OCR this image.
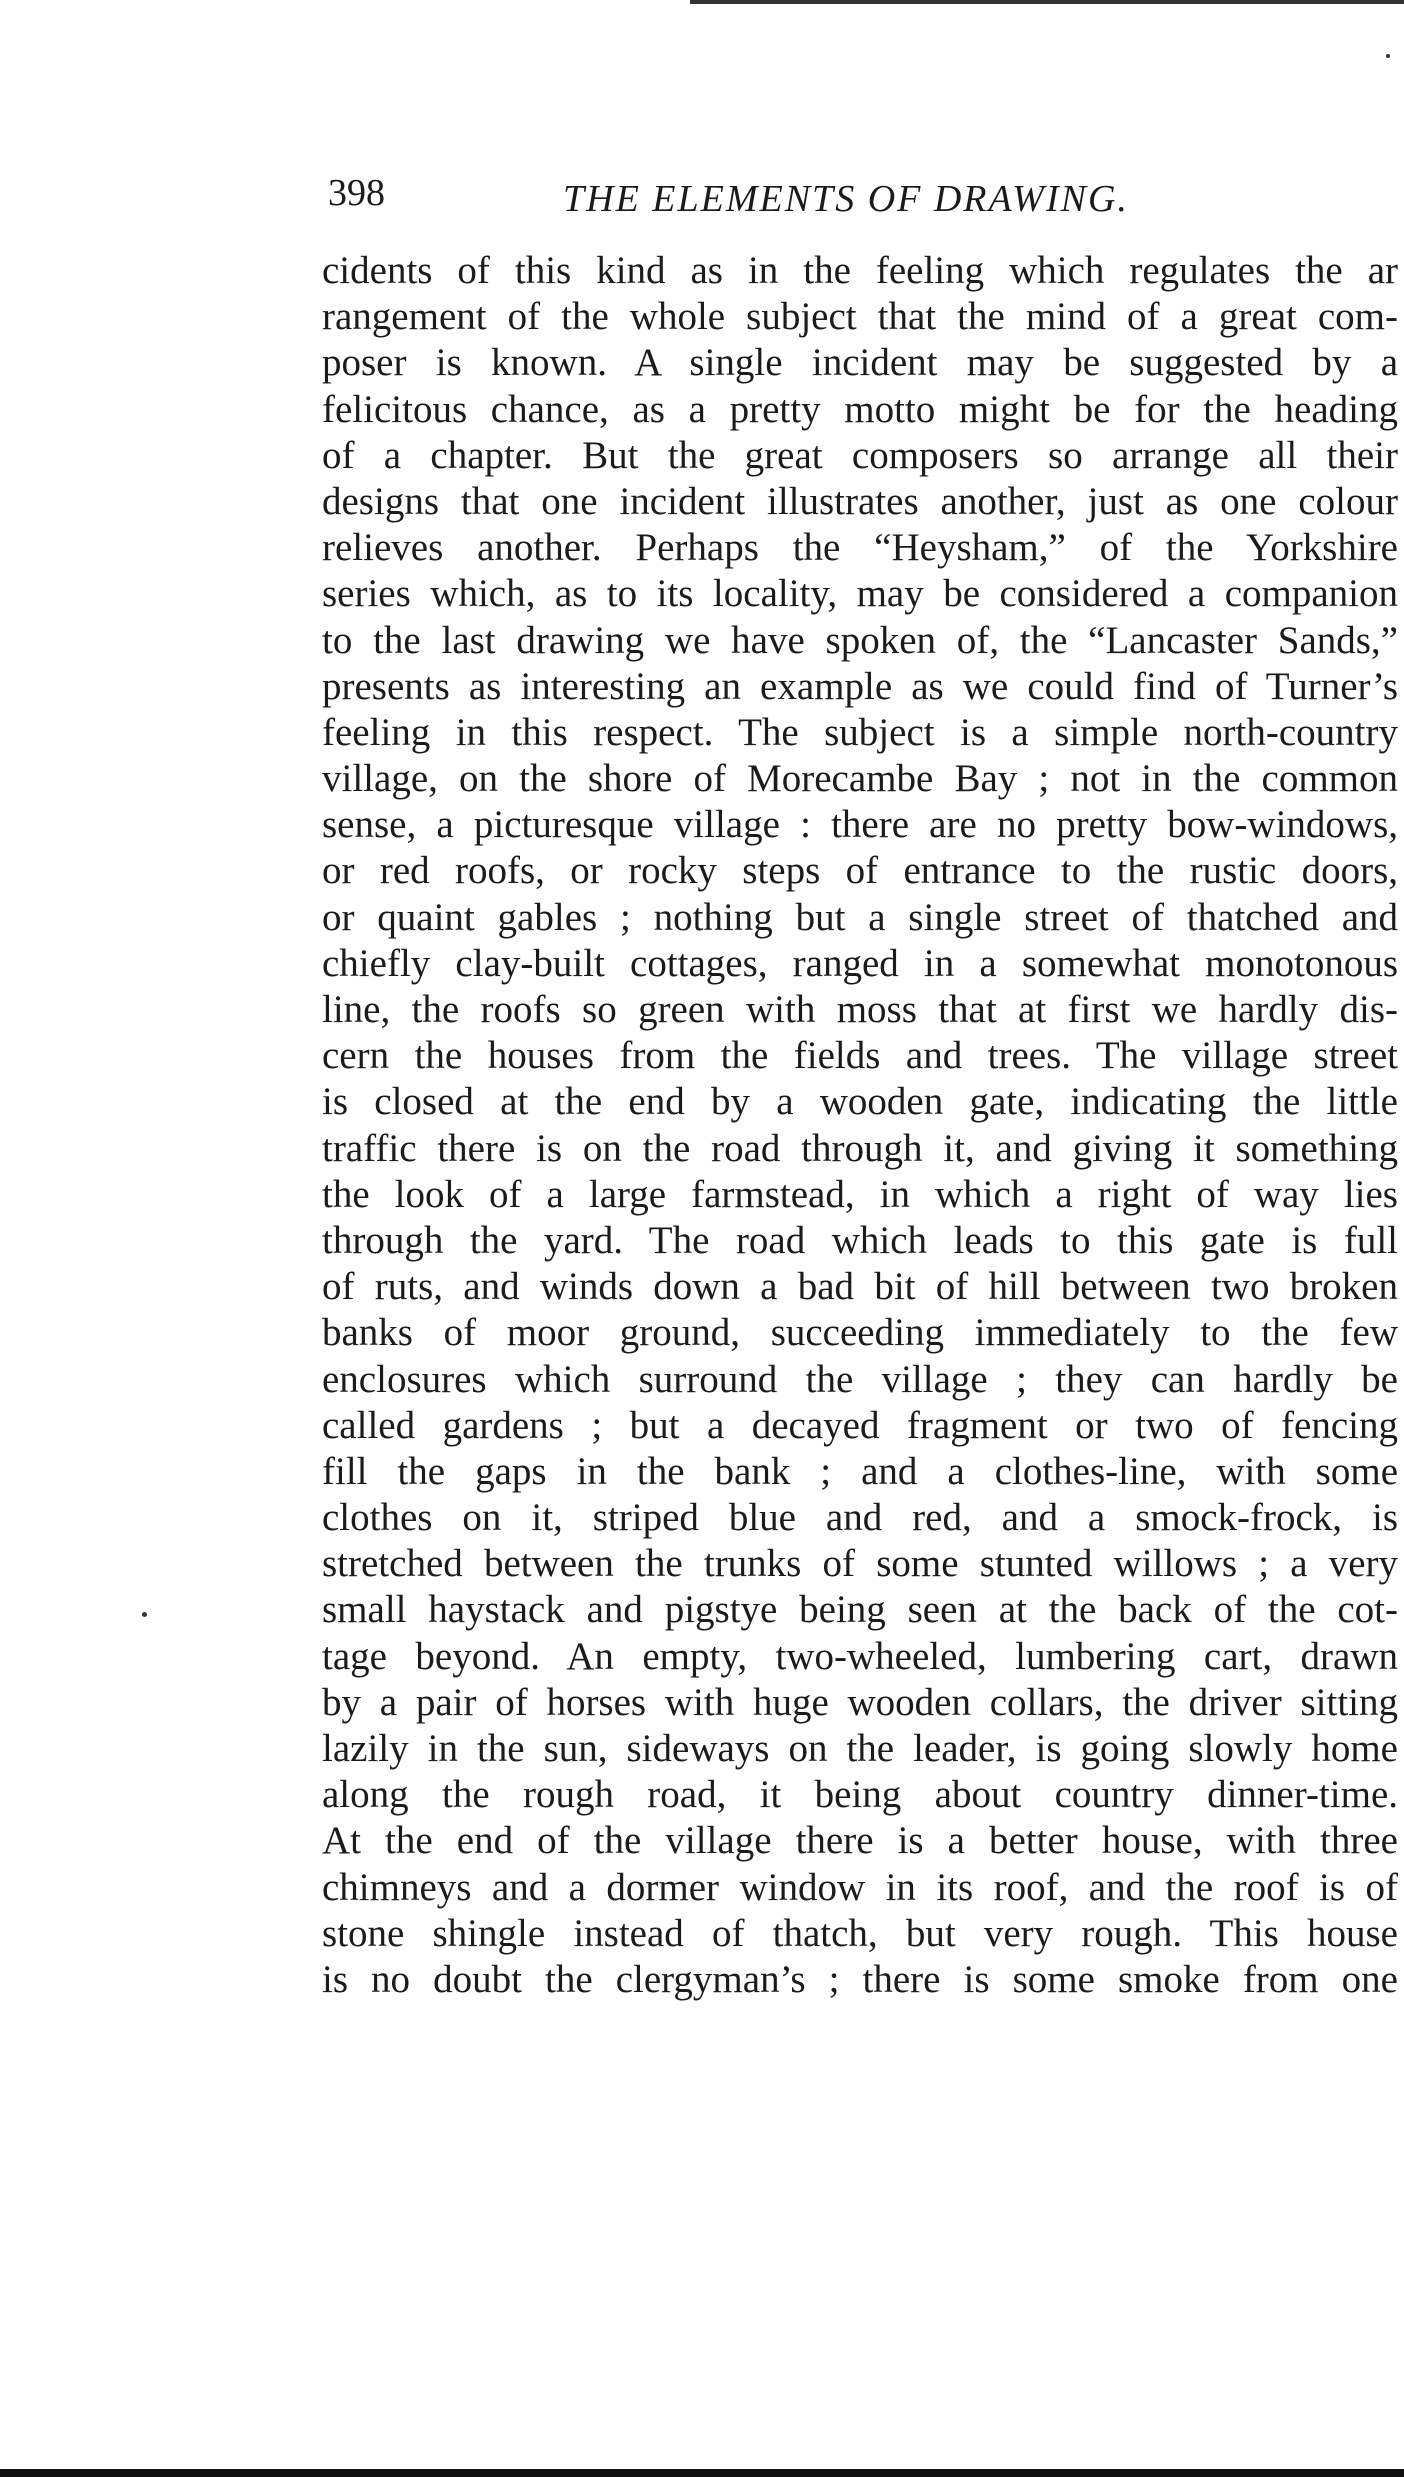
398	THE ELEMENTS OF DRAWING.
cidents of this kind as in the feeling which regulates the ar
rangement of the whole subject that the mind of a great com-
poser is known. A single incident may be suggested by a
felicitous chance, as a pretty motto might be for the heading
of a chapter. But the great composers so arrange all their
designs that one incident illustrates another, just as one colour
relieves another. Perhaps the “Heysham,” of the Yorkshire
series which, as to its locality, may be considered a companion
to the last drawing we have spoken of, the “Lancaster Sands,”
presents as interesting an example as we could find of Turner’s
feeling in this respect. The subject is a simple north-country
village, on the shore of Morecambe Bay ; not in the common
sense, a picturesque village : there are no pretty bow-windows,
or red roofs, or rocky steps of entrance to the rustic doors,
or quaint gables ; nothing but a single street of thatched and
chiefly clay-built cottages, ranged in a somewhat monotonous
line, the roofs so green with moss that at first we hardly dis-
cern the houses from the fields and trees. The village street
is closed at the end by a wooden gate, indicating the little
traffic there is on the road through it, and giving it something
the look of a large farmstead, in which a right of way lies
through the yard. The road which leads to this gate is full
of ruts, and winds down a bad bit of hill between two broken
banks of moor ground, succeeding immediately to the few
enclosures which surround the village ; they can hardly be
called gardens ; but a decayed fragment or two of fencing
fill the gaps in the bank ; and a clothes-line, with some
clothes on it, striped blue and red, and a smock-frock, is
stretched between the trunks of some stunted willows ; a very
small haystack and pigstye being seen at the back of the cot-
tage beyond. An empty, two-wheeled, lumbering cart, drawn
by a pair of horses with huge wooden collars, the driver sitting
lazily in the sun, sideways on the leader, is going slowly home
along the rough road, it being about country dinner-time.
At the end of the village there is a better house, with three
chimneys and a dormer window in its roof, and the roof is of
stone shingle instead of thatch, but very rough. This house
is no doubt the clergyman’s ; there is some smoke from one
